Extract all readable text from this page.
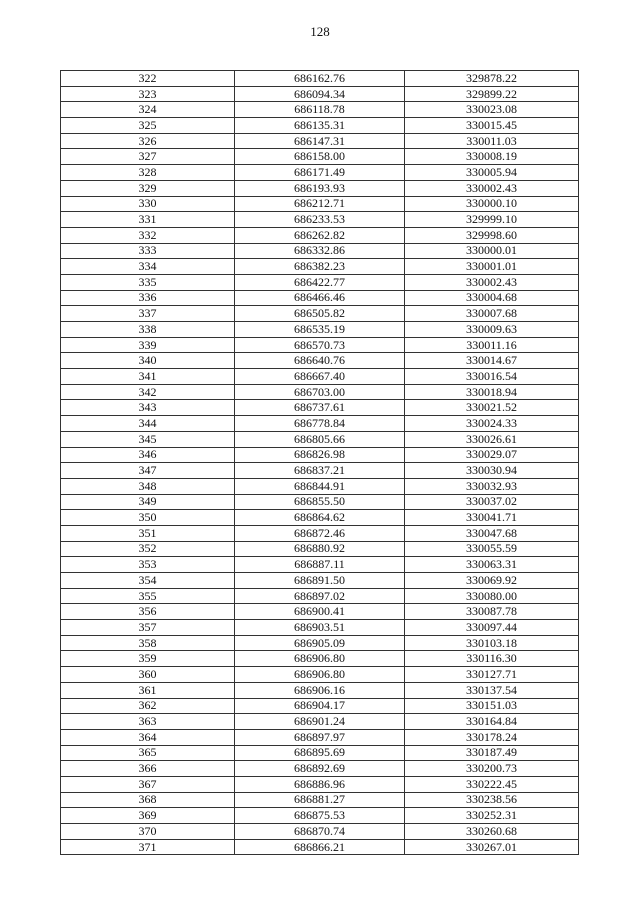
128
322	686162.76	329878.22
323	686094.34	329899.22
324	686118.78	330023.08
325	686135.31	330015.45
326	686147.31	330011.03
327	686158.00	330008.19
328	686171.49	330005.94
329	686193.93	330002.43
330	686212.71	330000.10
331	686233.53	329999.10
332	686262.82	329998.60
333	686332.86	330000.01
334	686382.23	330001.01
335	686422.77	330002.43
336	686466.46	330004.68
337	686505.82	330007.68
338	686535.19	330009.63
339	686570.73	330011.16
340	686640.76	330014.67
341	686667.40	330016.54
342	686703.00	330018.94
343	686737.61	330021.52
344	686778.84	330024.33
345	686805.66	330026.61
346	686826.98	330029.07
347	686837.21	330030.94
348	686844.91	330032.93
349	686855.50	330037.02
350	686864.62	330041.71
351	686872.46	330047.68
352	686880.92	330055.59
353	686887.11	330063.31
354	686891.50	330069.92
355	686897.02	330080.00
356	686900.41	330087.78
357	686903.51	330097.44
358	686905.09	330103.18
359	686906.80	330116.30
360	686906.80	330127.71
361	686906.16	330137.54
362	686904.17	330151.03
363	686901.24	330164.84
364	686897.97	330178.24
365	686895.69	330187.49
366	686892.69	330200.73
367	686886.96	330222.45
368	686881.27	330238.56
369	686875.53	330252.31
370	686870.74	330260.68
371	686866.21	330267.01
